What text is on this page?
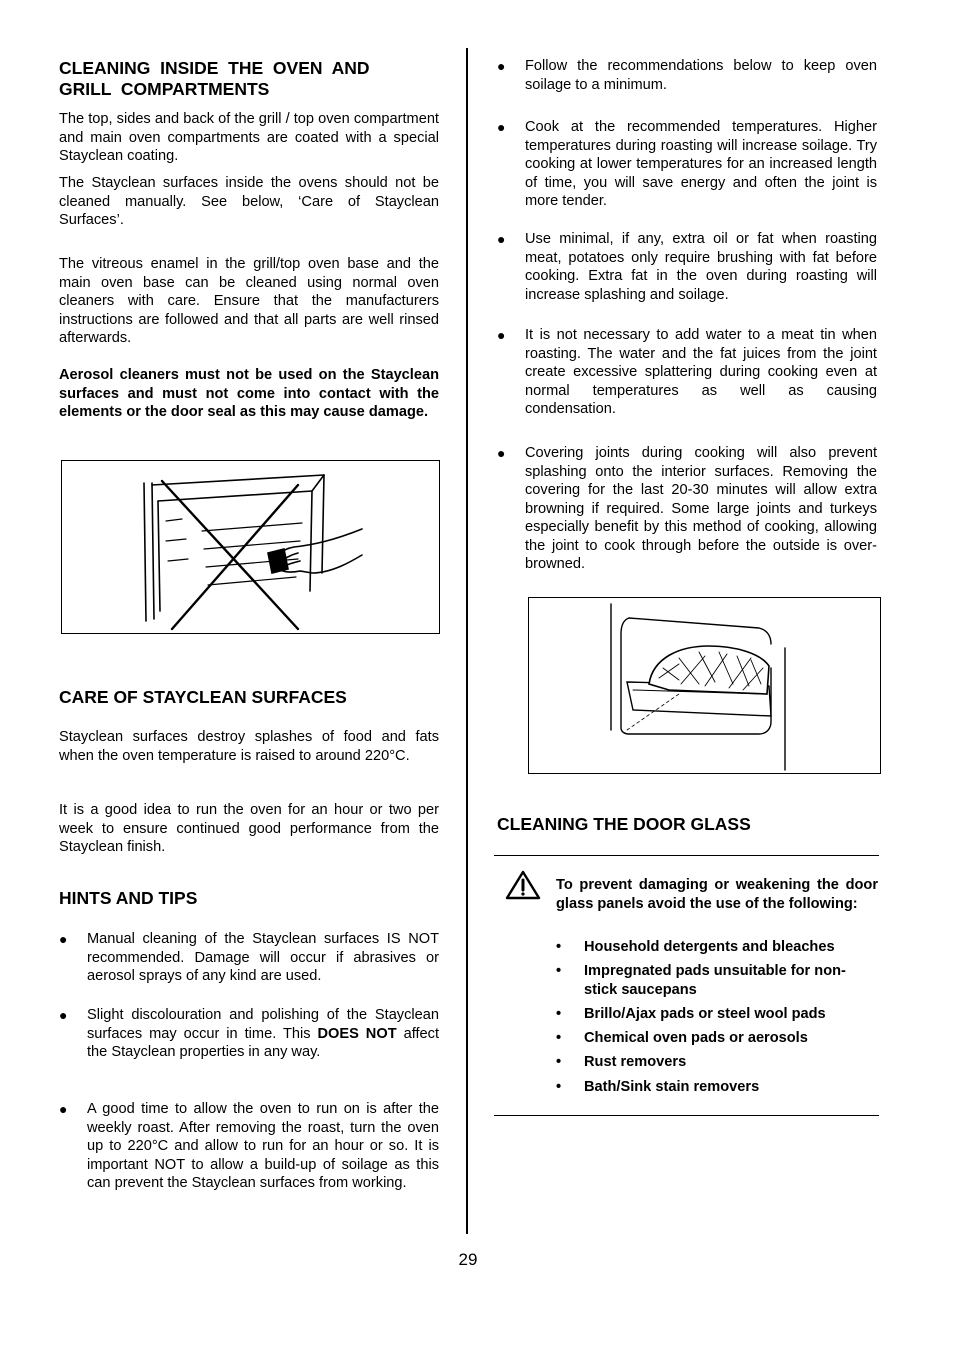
CLEANING  INSIDE  THE  OVEN  AND
GRILL  COMPARTMENTS

The top, sides and back of the grill / top oven compartment and main oven compartments are coated with a special Stayclean coating.

The Stayclean surfaces inside the ovens should not be cleaned manually. See below, ‘Care of Stayclean Surfaces’.

The vitreous enamel in the grill/top oven base and the main oven base can be cleaned using normal oven cleaners with care. Ensure that the manufacturers instructions are followed and that all parts are well rinsed afterwards.

Aerosol cleaners must not be used on the Stayclean surfaces and must not come into contact with the elements or the door seal as this may cause damage.

CARE OF STAYCLEAN SURFACES

Stayclean surfaces destroy splashes of food and fats when the oven temperature is raised to around 220°C.

It is a good idea to run the oven for an hour or two per week to ensure continued good performance from the Stayclean finish.

HINTS AND TIPS
● Manual cleaning of the Stayclean surfaces IS NOT recommended. Damage will occur if abrasives or aerosol sprays of any kind are used.
● Slight discolouration and polishing of the Stayclean surfaces may occur in time. This DOES NOT affect the Stayclean properties in any way.
● A good time to allow the oven to run on is after the weekly roast. After removing the roast, turn the oven up to 220°C and allow to run for an hour or so. It is important NOT to allow a build-up of soilage as this can prevent the Stayclean surfaces from working.
● Follow the recommendations below to keep oven soilage to a minimum.
● Cook at the recommended temperatures. Higher temperatures during roasting will increase soilage. Try cooking at lower temperatures for an increased length of time, you will save energy and often the joint is more tender.
● Use minimal, if any, extra oil or fat when roasting meat, potatoes only require brushing with fat before cooking. Extra fat in the oven during roasting will increase splashing and soilage.
● It is not necessary to add water to a meat tin when roasting. The water and the fat juices from the joint create excessive splattering during cooking even at normal temperatures as well as causing condensation.
● Covering joints during cooking will also prevent splashing onto the interior surfaces. Removing the covering for the last 20-30 minutes will allow extra browning if required. Some large joints and turkeys especially benefit by this method of cooking, allowing the joint to cook through before the outside is over-browned.
CLEANING THE DOOR GLASS

To prevent damaging or weakening the door glass panels avoid the use of the following:

• Household detergents and bleaches
• Impregnated pads unsuitable for non-stick saucepans
• Brillo/Ajax pads or steel wool pads
• Chemical oven pads or aerosols
• Rust removers
• Bath/Sink stain removers
29
